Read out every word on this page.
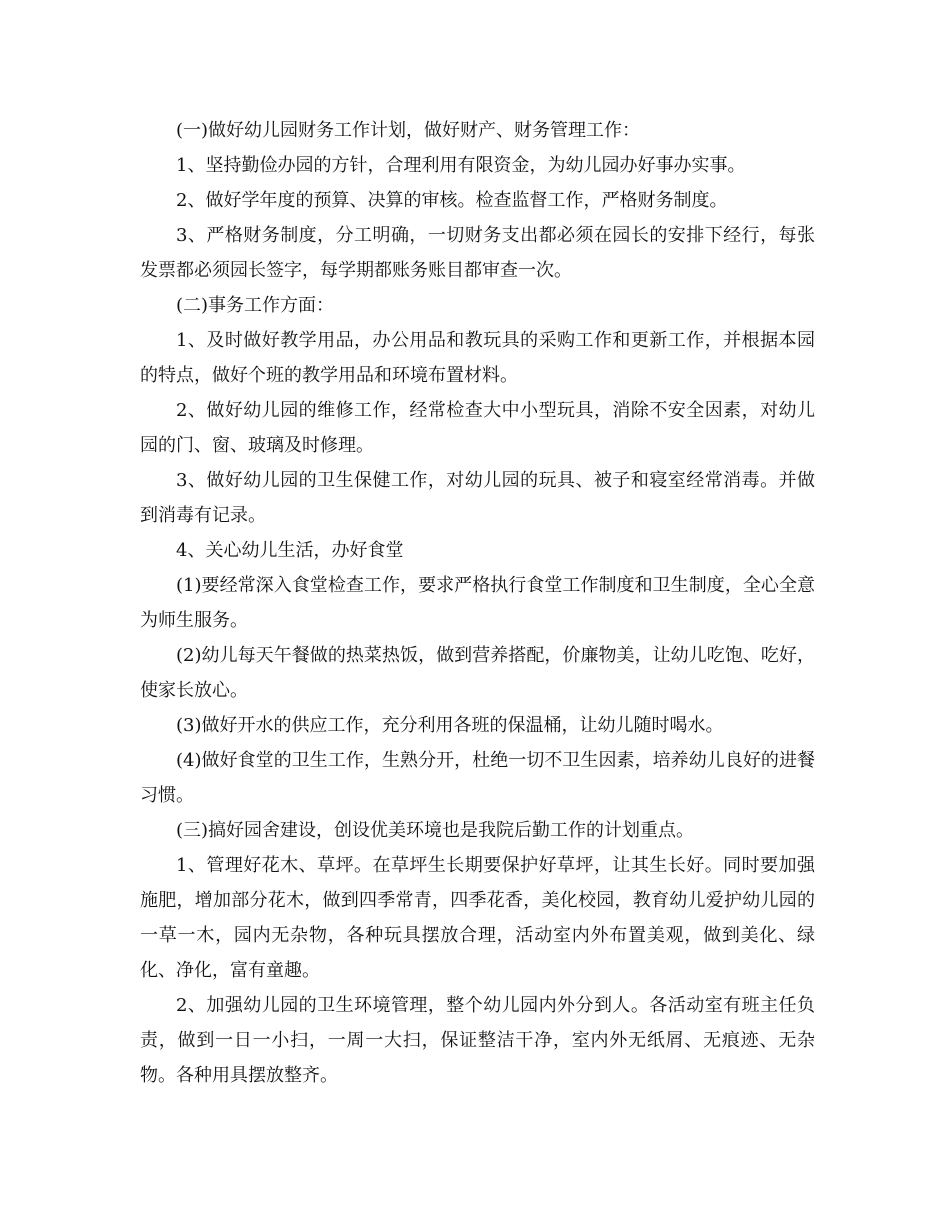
(一)做好幼儿园财务工作计划，做好财产、财务管理工作：

1、坚持勤俭办园的方针，合理利用有限资金，为幼儿园办好事办实事。

2、做好学年度的预算、决算的审核。检查监督工作，严格财务制度。

3、严格财务制度，分工明确，一切财务支出都必须在园长的安排下经行，每张发票都必须园长签字，每学期都账务账目都审查一次。

(二)事务工作方面：

1、及时做好教学用品，办公用品和教玩具的采购工作和更新工作，并根据本园的特点，做好个班的教学用品和环境布置材料。

2、做好幼儿园的维修工作，经常检查大中小型玩具，消除不安全因素，对幼儿园的门、窗、玻璃及时修理。

3、做好幼儿园的卫生保健工作，对幼儿园的玩具、被子和寝室经常消毒。并做到消毒有记录。

4、关心幼儿生活，办好食堂

(1)要经常深入食堂检查工作，要求严格执行食堂工作制度和卫生制度，全心全意为师生服务。

(2)幼儿每天午餐做的热菜热饭，做到营养搭配，价廉物美，让幼儿吃饱、吃好，使家长放心。

(3)做好开水的供应工作，充分利用各班的保温桶，让幼儿随时喝水。

(4)做好食堂的卫生工作，生熟分开，杜绝一切不卫生因素，培养幼儿良好的进餐习惯。

(三)搞好园舍建设，创设优美环境也是我院后勤工作的计划重点。

1、管理好花木、草坪。在草坪生长期要保护好草坪，让其生长好。同时要加强施肥，增加部分花木，做到四季常青，四季花香，美化校园，教育幼儿爱护幼儿园的一草一木，园内无杂物，各种玩具摆放合理，活动室内外布置美观，做到美化、绿化、净化，富有童趣。

2、加强幼儿园的卫生环境管理，整个幼儿园内外分到人。各活动室有班主任负责，做到一日一小扫，一周一大扫，保证整洁干净，室内外无纸屑、无痕迹、无杂物。各种用具摆放整齐。
